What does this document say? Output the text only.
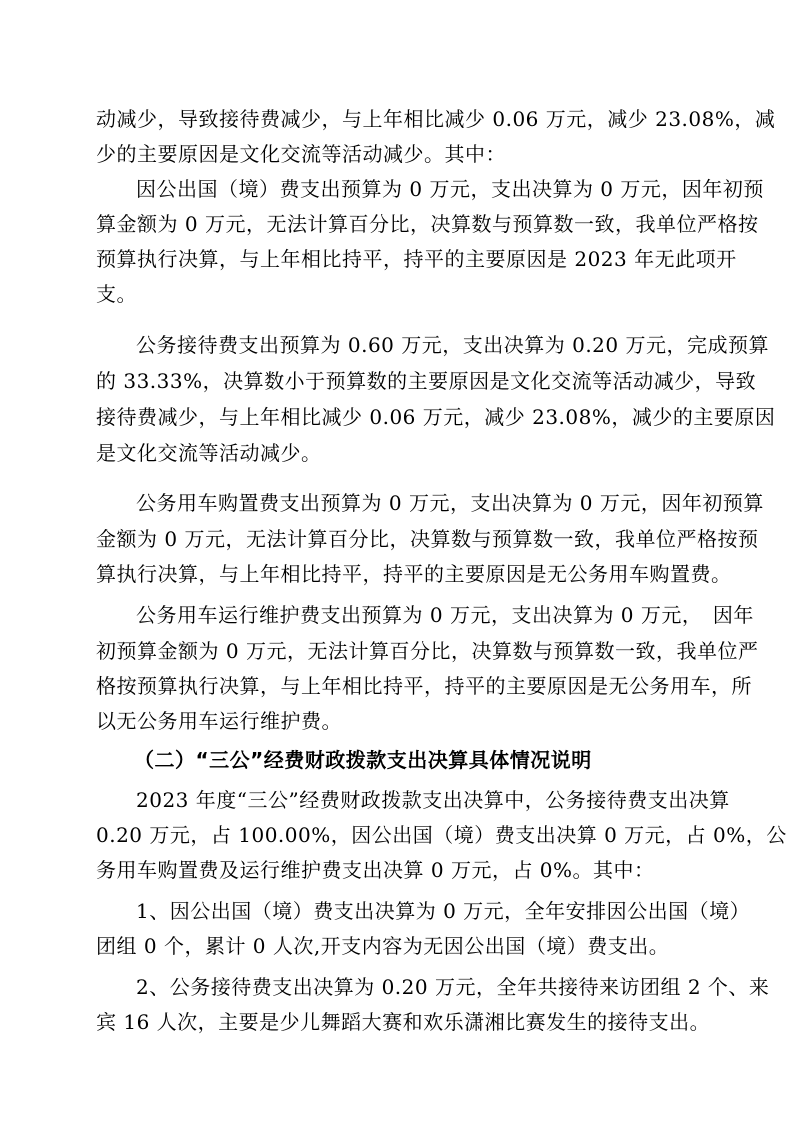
动减少，导致接待费减少，与上年相比减少 0.06 万元，减少 23.08%，减
少的主要原因是文化交流等活动减少。其中：
因公出国（境）费支出预算为 0 万元，支出决算为 0 万元，因年初预
算金额为 0 万元，无法计算百分比，决算数与预算数一致，我单位严格按
预算执行决算，与上年相比持平，持平的主要原因是 2023 年无此项开
支。
公务接待费支出预算为 0.60 万元，支出决算为 0.20 万元，完成预算
的 33.33%，决算数小于预算数的主要原因是文化交流等活动减少，导致
接待费减少，与上年相比减少 0.06 万元，减少 23.08%，减少的主要原因
是文化交流等活动减少。
公务用车购置费支出预算为 0 万元，支出决算为 0 万元，因年初预算
金额为 0 万元，无法计算百分比，决算数与预算数一致，我单位严格按预
算执行决算，与上年相比持平，持平的主要原因是无公务用车购置费。
公务用车运行维护费支出预算为 0 万元，支出决算为 0 万元，　因年
初预算金额为 0 万元，无法计算百分比，决算数与预算数一致，我单位严
格按预算执行决算，与上年相比持平，持平的主要原因是无公务用车，所
以无公务用车运行维护费。
（二）“三公”经费财政拨款支出决算具体情况说明
2023 年度“三公”经费财政拨款支出决算中，公务接待费支出决算
0.20 万元，占 100.00%，因公出国（境）费支出决算 0 万元，占 0%，公
务用车购置费及运行维护费支出决算 0 万元，占 0%。其中：
1、因公出国（境）费支出决算为 0 万元，全年安排因公出国（境）
团组 0 个，累计 0 人次,开支内容为无因公出国（境）费支出。
2、公务接待费支出决算为 0.20 万元，全年共接待来访团组 2 个、来
宾 16 人次，主要是少儿舞蹈大赛和欢乐潇湘比赛发生的接待支出。
